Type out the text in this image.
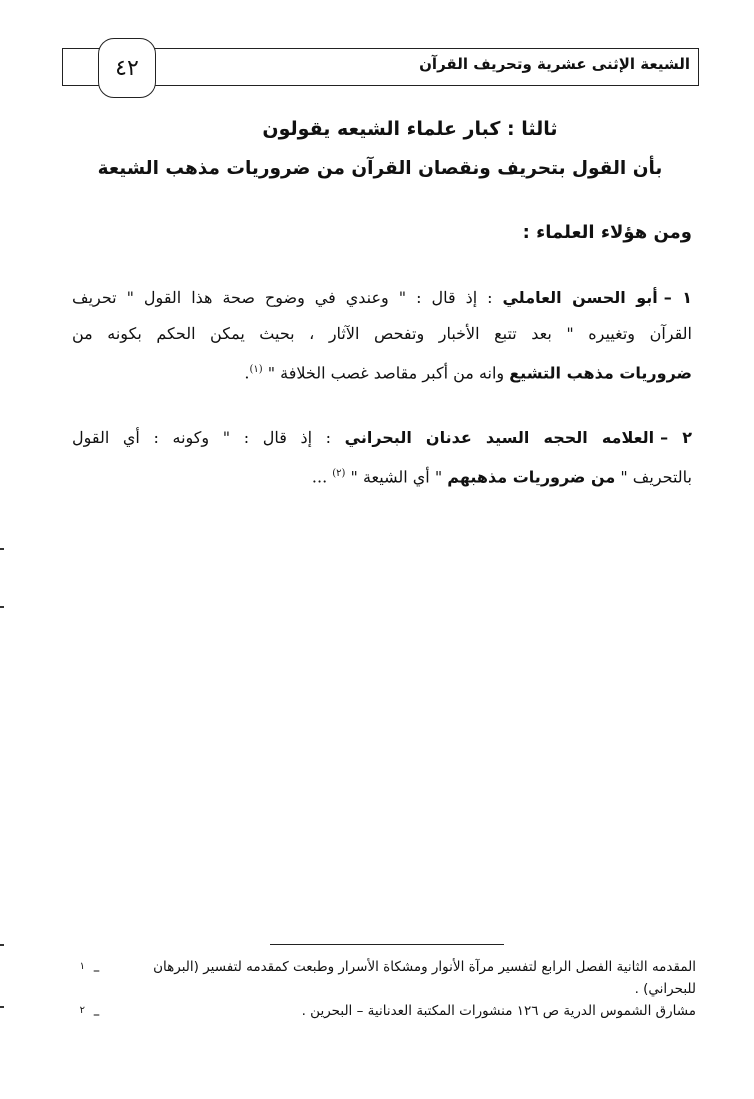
الشيعة الإثنى عشرية وتحريف القرآن
٤٢
ثالثا : كبار علماء الشيعه يقولون
بأن القول بتحريف ونقصان القرآن من ضروريات مذهب الشيعة
ومن هؤلاء العلماء :
١ –أبو الحسن العاملي : إذ قال : " وعندي في وضوح صحة هذا القول " تحريف
القرآن وتغييره " بعد تتبع الأخبار وتفحص الآثار ، بحيث يمكن الحكم بكونه من
ضروريات مذهب التشيع وانه من أكبر مقاصد غصب الخلافة " $^{(١)}$.
٢ –العلامه الحجه السيد عدنان البحراني : إذ قال : " وكونه : أي القول
بالتحريف " من ضروريات مذهبهم " أي الشيعة " $^{(٢)}$ ...
المقدمه الثانية الفصل الرابع لتفسير مرآة الأنوار ومشكاة الأسرار وطبعت كمقدمه لتفسير (البرهان للبحراني) .
–
١
مشارق الشموس الدرية ص ١٢٦ منشورات المكتبة العدنانية – البحرين .
–
٢
